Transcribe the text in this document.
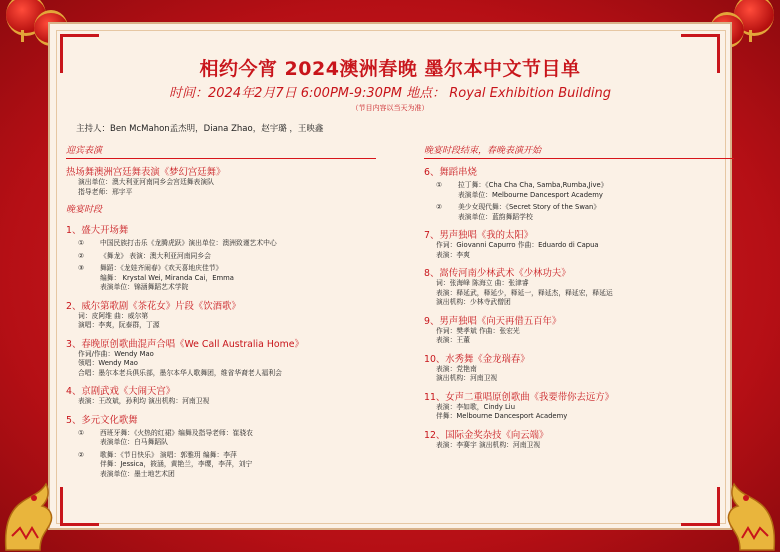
相约今宵 2024澳洲春晚 墨尔本中文节目单
时间：2024年2月7日 6:00PM-9:30PM 地点： Royal Exhibition Building
（节目内容以当天为准）
主持人：Ben McMahon孟杰明，Diana Zhao，赵宇璐 ，王映鑫
迎宾表演
热场舞澳洲宫廷舞表演《梦幻宫廷舞》
演出单位：澳大利亚河南同乡会宫廷舞表演队
指导老师：邢宇平
晚宴时段
1、盛大开场舞
①	中国民族打击乐《龙腾虎跃》演出单位：澳洲致谨艺术中心
②	《舞龙》 表演：澳大利亚河南同乡会
③	舞蹈：《龙娃齐闹春》《欢天喜地庆佳节》
编舞： Krystal Wei, Miranda Cai，Emma
表演单位：锦涵舞蹈艺术学院
2、威尔第歌剧《茶花女》片段《饮酒歌》
词：皮阿维 曲：威尔第
演唱：李爽，阮泰群，丁源
3、春晚原创歌曲混声合唱《We Call Australia Home》
作词/作曲：Wendy Mao
领唱：Wendy Mao
合唱：墨尔本老兵俱乐部，墨尔本华人歌舞团，维省华裔老人福利会
4、京剧武戏《大闹天宫》
表演：王改斌，孙利均 演出机构：河南卫视
5、多元文化歌舞
①	西班牙舞：《火热的红裙》编舞及指导老师：崔骁农
表演单位：白马舞蹈队
②	歌舞：《节日快乐》 演唱：郭雅玥 编舞：李萍
伴舞：Jessica，筱涵，黄艳兰，李缨，李萍，刘宁
表演单位：墨士地艺术团
晚宴时段结束，春晚表演开始
6、舞蹈串烧
①	拉丁舞：《Cha Cha Cha, Samba,Rumba,Jive》
表演单位：Melbourne Dancesport Academy
②	美少女现代舞：《Secret Story of the Swan》
表演单位：蓝韵舞蹈学校
7、男声独唱《我的太阳》
作词：Giovanni Capurro 作曲：Eduardo di Capua
表演：李爽
8、嵩传河南少林武术《少林功夫》
词：张海峰 陈海立 曲：张津睿
表演：释延武，释延少，释延一，释延杰，释延宏，释延运
演出机构：少林寺武僧团
9、男声独唱《向天再借五百年》
作词：樊孝斌 作曲：张宏光
表演：王董
10、水秀舞《金龙瑞春》
表演：党艳南
演出机构：河南卫视
11、女声二重唱原创歌曲《我要带你去远方》
表演：李如歌，Cindy Liu
伴舞：Melbourne Dancesport Academy
12、国际金奖杂技《向云端》
表演：李赛宇 演出机构：河南卫视
